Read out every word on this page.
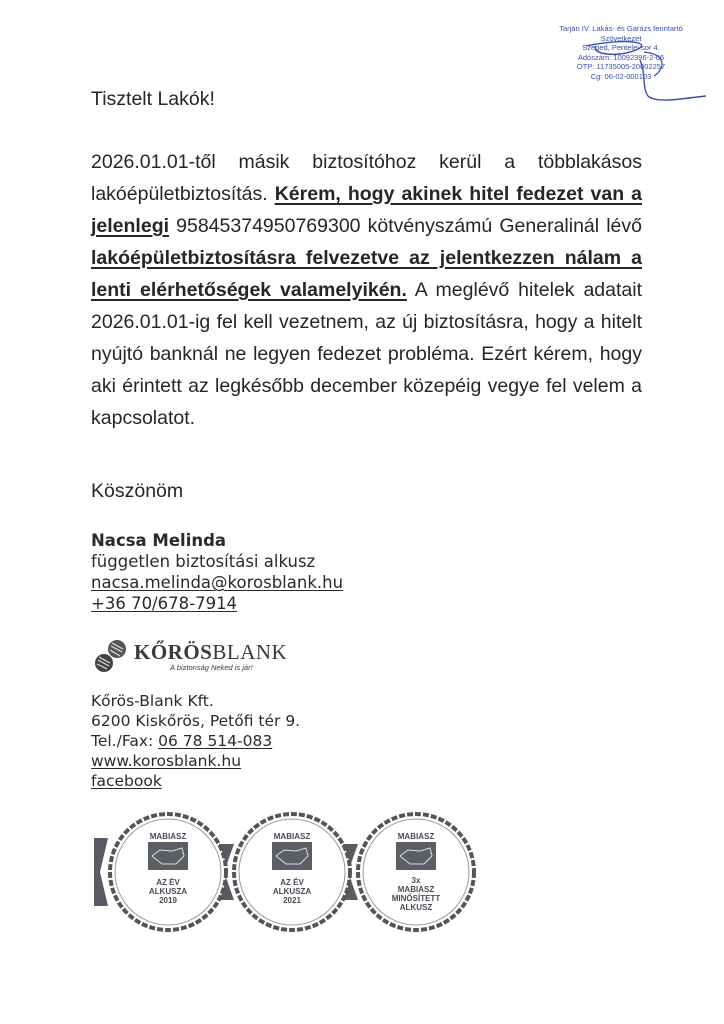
Tarján IV. Lakás- és Garázs fenntartó
Szövetkezet
Szeged, Pentelei sor 4.
Adószám: 10092396-2-06
OTP: 11735005-20002257
Cg: 06-02-000103
Tisztelt Lakók!
2026.01.01-től másik biztosítóhoz kerül a többlakásos lakóépületbiztosítás. Kérem, hogy akinek hitel fedezet van a jelenlegi 95845374950769300 kötvényszámú Generalinál lévő lakóépületbiztosításra felvezetve az jelentkezzen nálam a lenti elérhetőségek valamelyikén. A meglévő hitelek adatait 2026.01.01-ig fel kell vezetnem, az új biztosításra, hogy a hitelt nyújtó banknál ne legyen fedezet probléma. Ezért kérem, hogy aki érintett az legkésőbb december közepéig vegye fel velem a kapcsolatot.
Köszönöm
Nacsa Melinda
független biztosítási alkusz
nacsa.melinda@korosblank.hu
+36 70/678-7914
KŐRÖSBLANK
A biztonság Neked is jár!
Kőrös-Blank Kft.
6200 Kiskőrös, Petőfi tér 9.
Tel./Fax: 06 78 514-083
www.korosblank.hu
facebook
MABIASZ
AZ ÉV
ALKUSZA
2019
MABIASZ
AZ ÉV
ALKUSZA
2021
MABIASZ
3x
MABIASZ
MINŐSÍTETT
ALKUSZ
